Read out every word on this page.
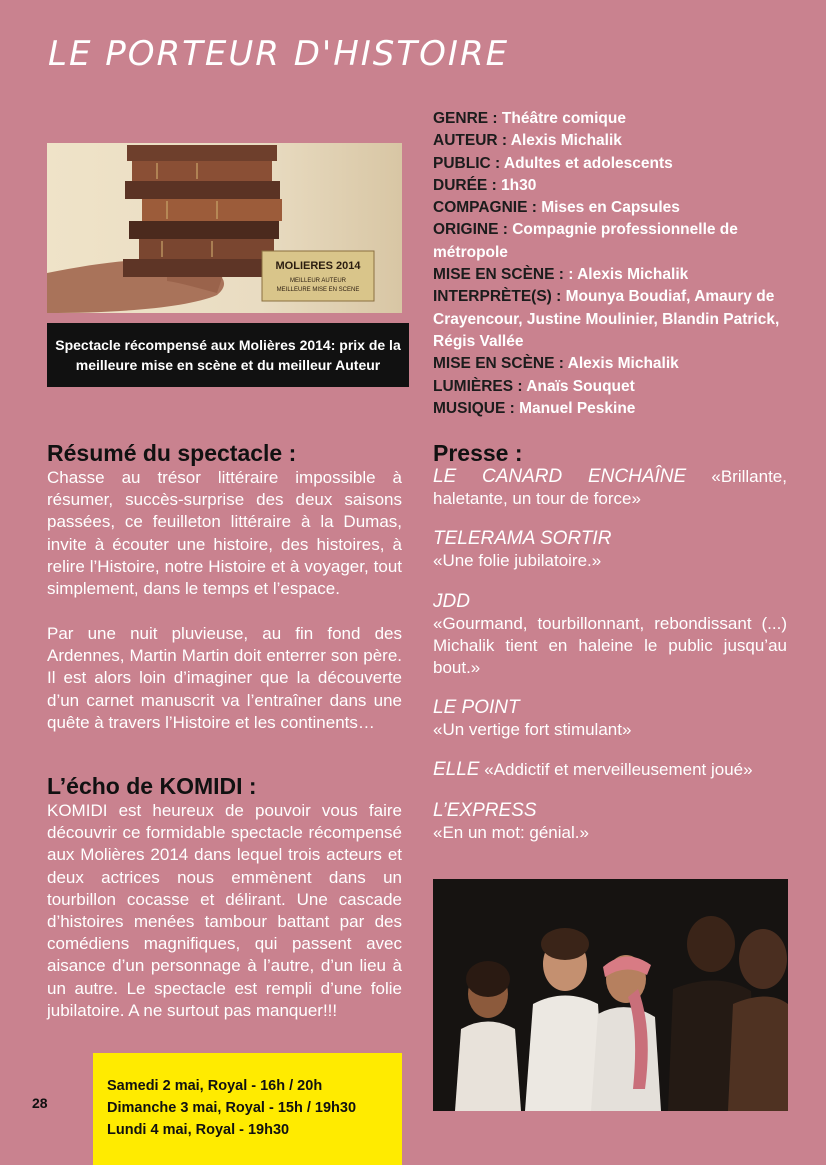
LE PORTEUR D'HISTOIRE
MOLIERES 2014
MEILLEUR AUTEUR
MEILLEURE MISE EN SCENE
Spectacle récompensé aux Molières 2014: prix de la meilleure mise en scène et du meilleur Auteur

GENRE : Théâtre comique

AUTEUR : Alexis Michalik

PUBLIC : Adultes et adolescents

DURÉE : 1h30

COMPAGNIE : Mises en Capsules

ORIGINE : Compagnie professionnelle de métropole

MISE EN SCÈNE : : Alexis Michalik

INTERPRÈTE(S) : Mounya Boudiaf, Amaury de Crayencour, Justine Moulinier, Blandin Patrick, Régis Vallée

MISE EN SCÈNE : Alexis Michalik

LUMIÈRES : Anaïs Souquet

MUSIQUE : Manuel Peskine

Résumé du spectacle :

Chasse au trésor littéraire impossible à résumer, succès-surprise des deux saisons passées, ce feuilleton littéraire à la Dumas, invite à écouter une histoire, des histoires, à relire l’Histoire, notre Histoire et à voyager, tout simplement, dans le temps et l’espace.

Par une nuit pluvieuse, au fin fond des Ardennes, Martin Martin doit enterrer son père. Il est alors loin d’imaginer que la découverte d’un carnet manuscrit va l’entraîner dans une quête à travers l’Histoire et les continents…

L’écho de KOMIDI :

KOMIDI est heureux de pouvoir vous faire découvrir ce formidable spectacle récompensé aux Molières 2014 dans lequel trois acteurs et deux actrices nous emmènent dans un tourbillon cocasse et délirant. Une cascade d’histoires menées tambour battant par des comédiens magnifiques, qui passent avec aisance d’un personnage à l’autre, d’un lieu à un autre. Le spectacle est rempli d’une folie jubilatoire. A ne surtout pas manquer!!!

Presse :
LE CANARD ENCHAÎNE «Brillante, haletante, un tour de force»
TELERAMA SORTIR
«Une folie jubilatoire.»
JDD
«Gourmand, tourbillonnant, rebondissant (...) Michalik tient en haleine le public jusqu’au bout.»
LE POINT
«Un vertige fort stimulant»
ELLE «Addictif et merveilleusement joué»
L’EXPRESS
«En un mot: génial.»
Samedi 2 mai, Royal - 16h / 20h
Dimanche 3 mai, Royal - 15h / 19h30
Lundi 4 mai, Royal - 19h30
28
